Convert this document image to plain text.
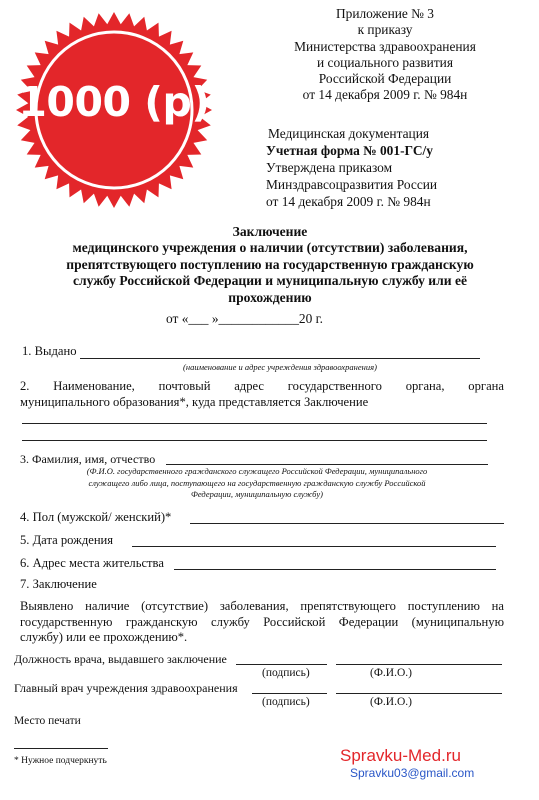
1000 (р)
Приложение № 3
к приказу
Министерства здравоохранения
и социального развития
Российской Федерации
от 14 декабря 2009 г. № 984н
Медицинская документация
Учетная форма № 001-ГС/у
Утверждена приказом
Минздравсоцразвития России
от 14 декабря 2009 г. № 984н
Заключение
медицинского учреждения о наличии (отсутствии) заболевания,
препятствующего поступлению на государственную гражданскую
службу Российской Федерации и муниципальную службу или её
прохождению
от «___ »____________20 г.
1. Выдано
(наименование и адрес учреждения здравоохранения)
2. Наименование, почтовый адрес государственного органа, органа
муниципального образования*, куда представляется Заключение
3. Фамилия, имя, отчество
(Ф.И.О. государственного гражданского служащего Российской Федерации, муниципального
служащего либо лица, поступающего на государственную гражданскую службу Российской
Федерации, муниципальную службу)
4. Пол (мужской/ женский)*
5. Дата рождения
6. Адрес места жительства
7. Заключение
Выявлено наличие (отсутствие) заболевания, препятствующего поступлению на
государственную гражданскую службу Российской Федерации (муниципальную
службу) или ее прохождению*.
Должность врача, выдавшего заключение
(подпись)	(Ф.И.О.)
Главный врач учреждения здравоохранения
(подпись)	(Ф.И.О.)
Место печати
* Нужное подчеркнуть	Spravku-Med.ru
Spravku03@gmail.com
